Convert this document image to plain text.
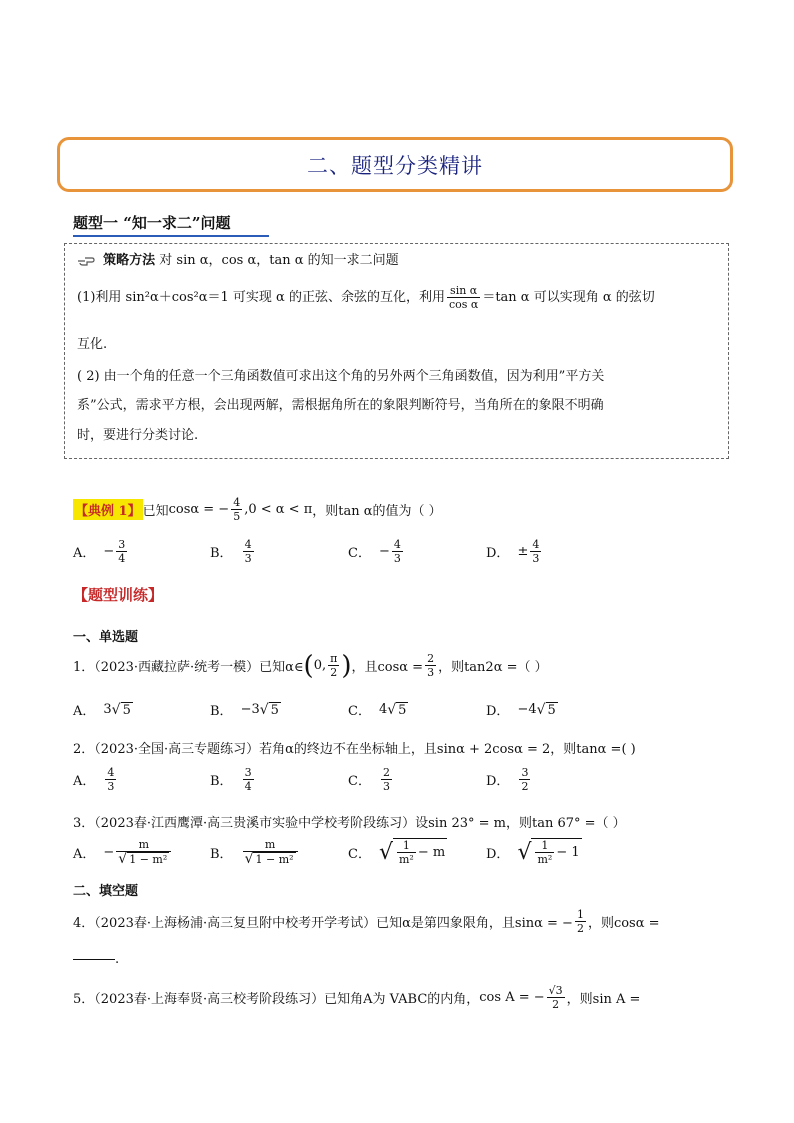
二、题型分类精讲
题型一 “知一求二”问题
策略方法 对 sin α，cos α，tan α 的知一求二问题
(1)利用 sin²α＋cos²α＝1 可实现 α 的正弦、余弦的互化，利用 $\frac{\text{sin α}}{\text{cos α}} =\tan$ α 可以实现角 α 的弦切
互化.
( 2) 由一个角的任意一个三角函数值可求出这个角的另外两个三角函数值，因为利用”平方关
系”公式，需求平方根，会出现两解，需根据角所在的象限判断符号，当角所在的象限不明确
时，要进行分类讨论.
【典例 1】 已知 cosα = − $\frac{4}{5} ,0 < \alpha < \pi$ ，则tan α的值为（ ）
A． − $\frac{3}{4}$	B． $\frac{4}{3}$	C． − $\frac{4}{3}$	D． ± $\frac{4}{3}$
【题型训练】
一、单选题
1．（2023·西藏拉萨·统考一模）已知α∈ ( 0, $\frac{\pi}{2}$ ) ，且$\cos\alpha = \frac{2}{3}$ ，则tan2α =（ ）
A． 3 √ 5	B． −3 √ 5	C． 4 √ 5	D． −4 √ 5
2．（2023·全国·高三专题练习）若角α的终边不在坐标轴上，且sinα + 2cosα = 2，则tanα =( )
A． $\frac{4}{3}$	B． $\frac{3}{4}$	C． $\frac{2}{3}$	D． $\frac{3}{2}$
3．（2023春·江西鹰潭·高三贵溪市实验中学校考阶段练习）设sin 23° = m，则tan 67° =（ ）
A． − $\frac{m}{\text{√ 1 − m²}}$	B． $\frac{m}{\text{√ 1 − m²}}$	C． √ $\frac{1}{\text{m²}} - m$	D． √ $\frac{1}{\text{m²}} - 1$
二、填空题
4．（2023春·上海杨浦·高三复旦附中校考开学考试）已知α是第四象限角，且sinα = − $\frac{1}{2}$ ，则cosα =
.
5．（2023春·上海奉贤·高三校考阶段练习）已知角A为 VABC的内角， cos A = − $\frac{√3}{2}$ ，则sin A =
